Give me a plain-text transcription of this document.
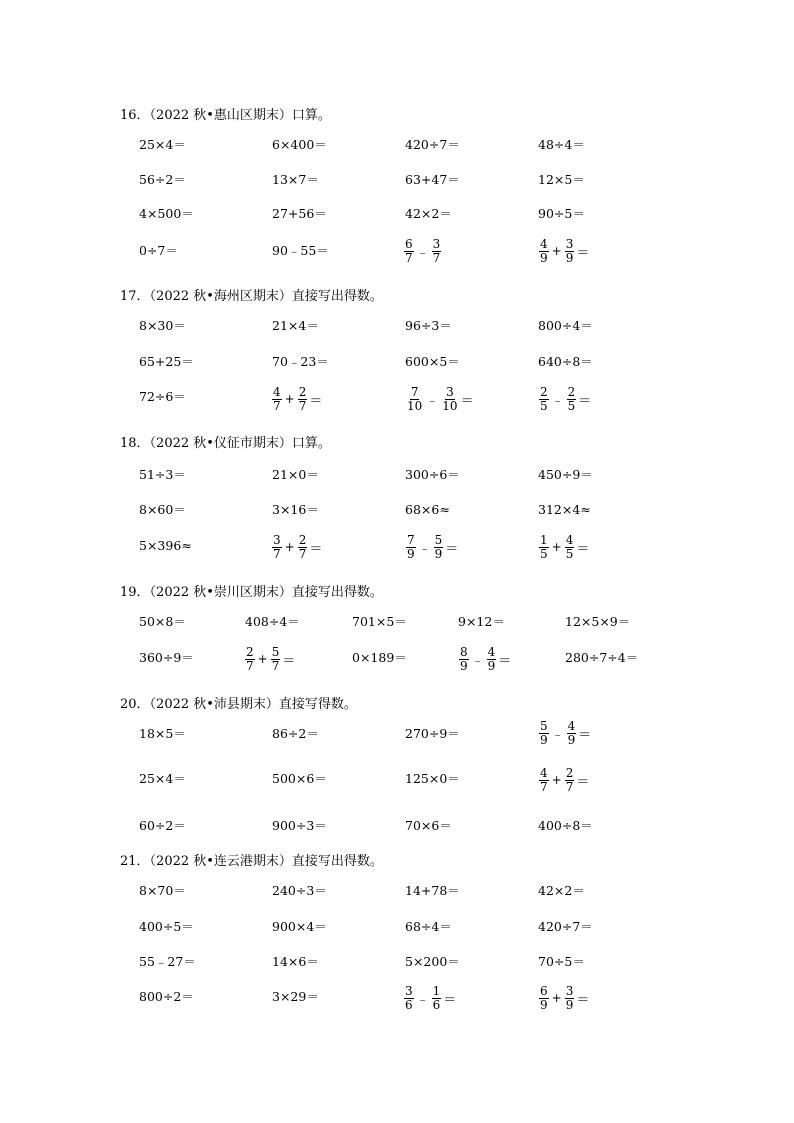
16．（2022 秋•惠山区期末）口算。
25×4＝	6×400＝	420÷7＝	48÷4＝
56÷2＝	13×7＝	63+47＝	12×5＝
4×500＝	27+56＝	42×2＝	90÷5＝
0÷7＝	90﹣55＝	$\frac{6}{7}$ ﹣ $\frac{3}{7}$	$\frac{4}{9} + \frac{3}{9}$ ＝
17．（2022 秋•海州区期末）直接写出得数。
8×30＝	21×4＝	96÷3＝	800÷4＝
65+25＝	70﹣23＝	600×5＝	640÷8＝
72÷6＝	$\frac{4}{7} + \frac{2}{7}$ ＝	$\frac{7}{10}$ ﹣ $\frac{3}{10}$ ＝	$\frac{2}{5}$ ﹣ $\frac{2}{5}$ ＝
18．（2022 秋•仪征市期末）口算。
51÷3＝	21×0＝	300÷6＝	450÷9＝
8×60＝	3×16＝	68×6≈	312×4≈
5×396≈	$\frac{3}{7} + \frac{2}{7}$ ＝	$\frac{7}{9}$ ﹣ $\frac{5}{9}$ ＝	$\frac{1}{5} + \frac{4}{5}$ ＝
19．（2022 秋•崇川区期末）直接写出得数。
50×8＝	408÷4＝	701×5＝	9×12＝	12×5×9＝
360÷9＝	$\frac{2}{7} + \frac{5}{7}$ ＝	0×189＝	$\frac{8}{9}$ ﹣ $\frac{4}{9}$ ＝	280÷7÷4＝
20．（2022 秋•沛县期末）直接写得数。
18×5＝	86÷2＝	270÷9＝	$\frac{5}{9}$ ﹣ $\frac{4}{9}$ ＝
25×4＝	500×6＝	125×0＝	$\frac{4}{7} + \frac{2}{7}$ ＝
60÷2＝	900÷3＝	70×6＝	400÷8＝
21．（2022 秋•连云港期末）直接写出得数。
8×70＝	240÷3＝	14+78＝	42×2＝
400÷5＝	900×4＝	68÷4＝	420÷7＝
55﹣27＝	14×6＝	5×200＝	70÷5＝
800÷2＝	3×29＝	$\frac{3}{6}$ ﹣ $\frac{1}{6}$ ＝	$\frac{6}{9} + \frac{3}{9}$ ＝
